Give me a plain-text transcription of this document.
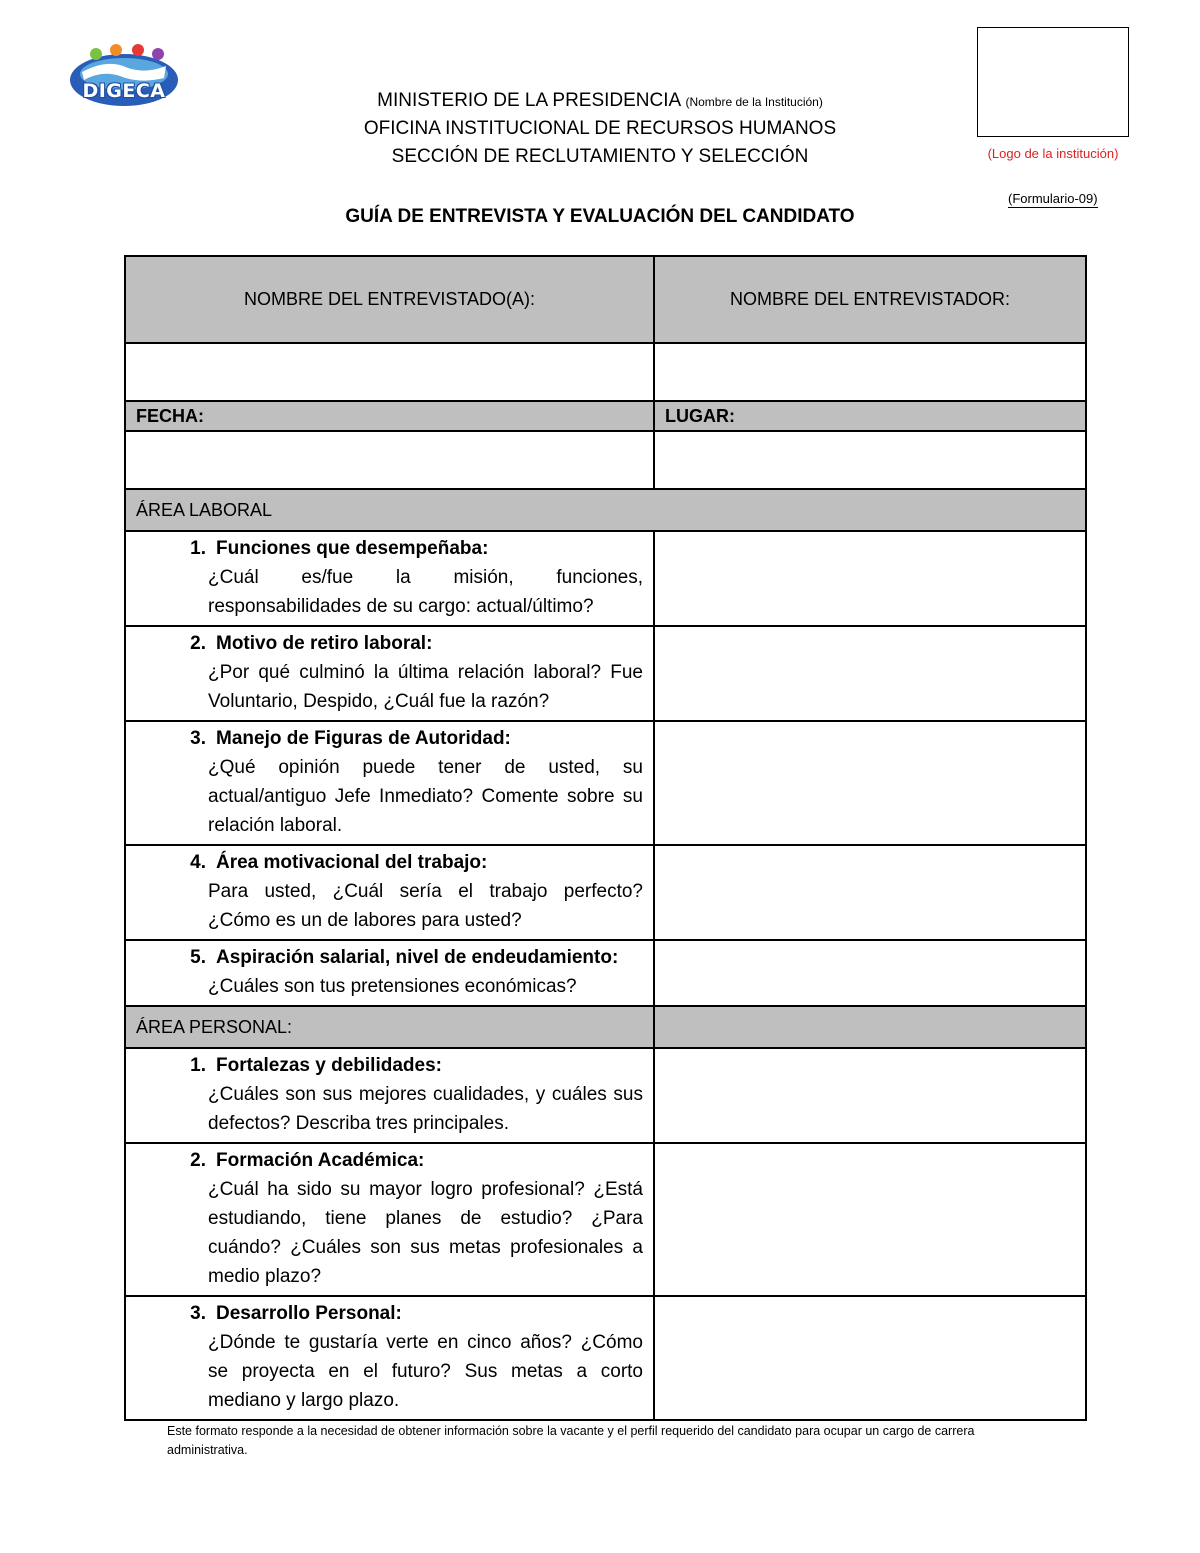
DIGECA	MINISTERIO DE LA PRESIDENCIA (Nombre de la Institución)
OFICINA INSTITUCIONAL DE RECURSOS HUMANOS
SECCIÓN DE RECLUTAMIENTO Y SELECCIÓN	(Logo de la institución)
(Formulario-09)
GUÍA DE ENTREVISTA Y EVALUACIÓN DEL CANDIDATO
NOMBRE DEL ENTREVISTADO(A):	NOMBRE DEL ENTREVISTADOR:

FECHA:	LUGAR:

ÁREA LABORAL	

1. Funciones que desempeñaba:
¿Cuál es/fue la misión, funciones, responsabilidades de su cargo: actual/último?	

2. Motivo de retiro laboral:
¿Por qué culminó la última relación laboral? Fue Voluntario, Despido, ¿Cuál fue la razón?	

3. Manejo de Figuras de Autoridad:
¿Qué opinión puede tener de usted, su actual/antiguo Jefe Inmediato? Comente sobre su relación laboral.	

4. Área motivacional del trabajo:
Para usted, ¿Cuál sería el trabajo perfecto? ¿Cómo es un de labores para usted?	

5. Aspiración salarial, nivel de endeudamiento:
¿Cuáles son tus pretensiones económicas?	

ÁREA PERSONAL:	

1. Fortalezas y debilidades:
¿Cuáles son sus mejores cualidades, y cuáles sus defectos? Describa tres principales.	

2. Formación Académica:
¿Cuál ha sido su mayor logro profesional? ¿Está estudiando, tiene planes de estudio? ¿Para cuándo? ¿Cuáles son sus metas profesionales a medio plazo?	

3. Desarrollo Personal:
¿Dónde te gustaría verte en cinco años? ¿Cómo se proyecta en el futuro? Sus metas a corto mediano y largo plazo.	

Este formato responde a la necesidad de obtener información sobre la vacante y el perfil requerido del candidato para ocupar un cargo de carrera administrativa.
